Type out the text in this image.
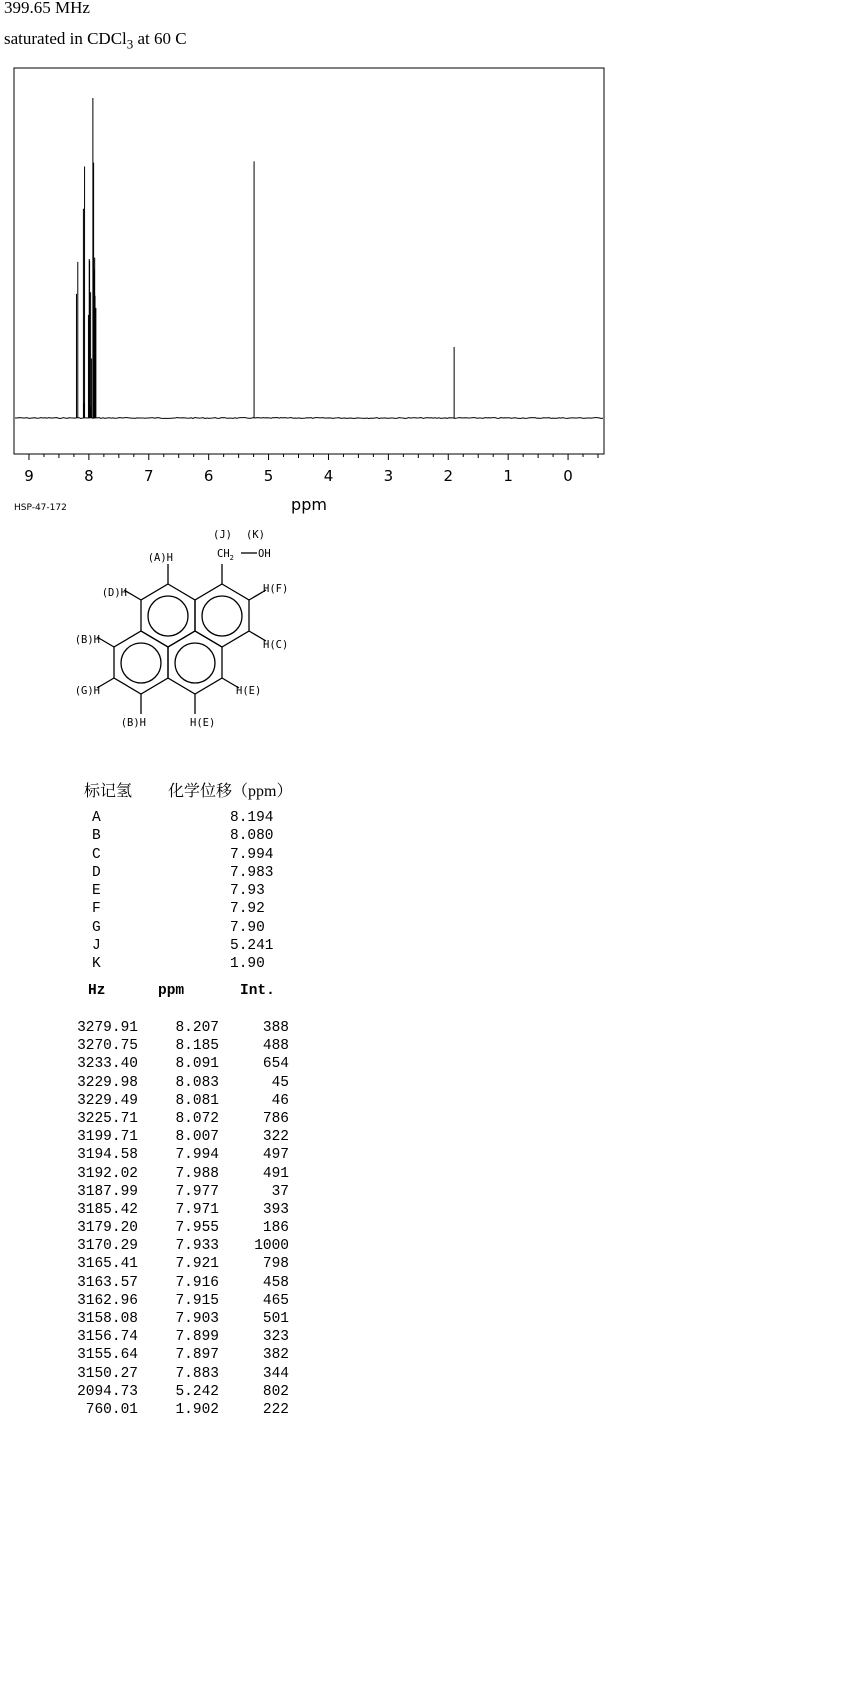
399.65 MHz
saturated in CDCl$_3$ at 60 C
9	8	7	6	5	4	3	2	1	0
ppm
HSP-47-172
(A)H
(D)H
(B)H
(G)H
(B)H	H(E)
H(E)
H(C)
H(F)
(J) (K)
$CH_2$ OH
标记氢 化学位移（ppm）
A	8.194
B	8.080
C	7.994
D	7.983
E	7.93
F	7.92
G	7.90
J	5.241
K	1.90
Hz	ppm	Int.
3279.91	8.207	388
3270.75	8.185	488
3233.40	8.091	654
3229.98	8.083	45
3229.49	8.081	46
3225.71	8.072	786
3199.71	8.007	322
3194.58	7.994	497
3192.02	7.988	491
3187.99	7.977	37
3185.42	7.971	393
3179.20	7.955	186
3170.29	7.933 1000
3165.41	7.921	798
3163.57	7.916	458
3162.96	7.915	465
3158.08	7.903	501
3156.74	7.899	323
3155.64	7.897	382
3150.27	7.883	344
2094.73	5.242	802
760.01	1.902	222
